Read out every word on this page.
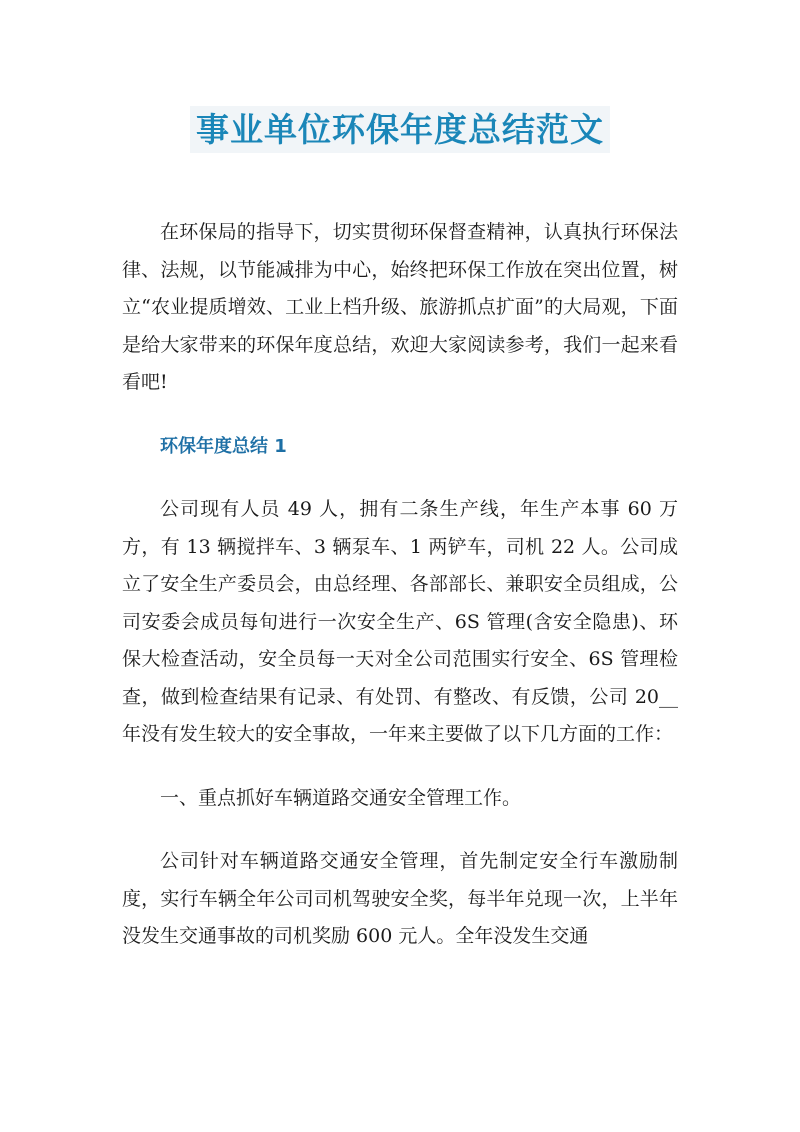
事业单位环保年度总结范文

在环保局的指导下，切实贯彻环保督查精神，认真执行环保法律、法规，以节能减排为中心，始终把环保工作放在突出位置，树立“农业提质增效、工业上档升级、旅游抓点扩面”的大局观，下面是给大家带来的环保年度总结，欢迎大家阅读参考，我们一起来看看吧!

环保年度总结 1

公司现有人员 49 人，拥有二条生产线，年生产本事 60 万方，有 13 辆搅拌车、3 辆泵车、1 两铲车，司机 22 人。公司成立了安全生产委员会，由总经理、各部部长、兼职安全员组成，公司安委会成员每旬进行一次安全生产、6S 管理(含安全隐患)、环保大检查活动，安全员每一天对全公司范围实行安全、6S 管理检查，做到检查结果有记录、有处罚、有整改、有反馈，公司 20__年没有发生较大的安全事故，一年来主要做了以下几方面的工作：

一、重点抓好车辆道路交通安全管理工作。

公司针对车辆道路交通安全管理，首先制定安全行车激励制度，实行车辆全年公司司机驾驶安全奖，每半年兑现一次，上半年没发生交通事故的司机奖励 600 元人。全年没发生交通
